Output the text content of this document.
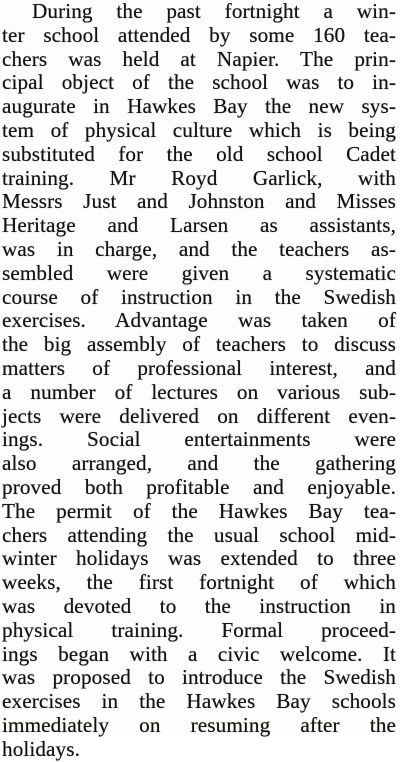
During the past fortnight a win-
ter school attended by some 160 tea-
chers was held at Napier. The prin-
cipal object of the school was to in-
augurate in Hawkes Bay the new sys-
tem of physical culture which is being
substituted for the old school Cadet
training. Mr Royd Garlick, with
Messrs Just and Johnston and Misses
Heritage and Larsen as assistants,
was in charge, and the teachers as-
sembled were given a systematic
course of instruction in the Swedish
exercises. Advantage was taken of
the big assembly of teachers to discuss
matters of professional interest, and
a number of lectures on various sub-
jects were delivered on different even-
ings. Social entertainments were
also arranged, and the gathering
proved both profitable and enjoyable.
The permit of the Hawkes Bay tea-
chers attending the usual school mid-
winter holidays was extended to three
weeks, the first fortnight of which
was devoted to the instruction in
physical training. Formal proceed-
ings began with a civic welcome. It
was proposed to introduce the Swedish
exercises in the Hawkes Bay schools
immediately on resuming after the
holidays.
